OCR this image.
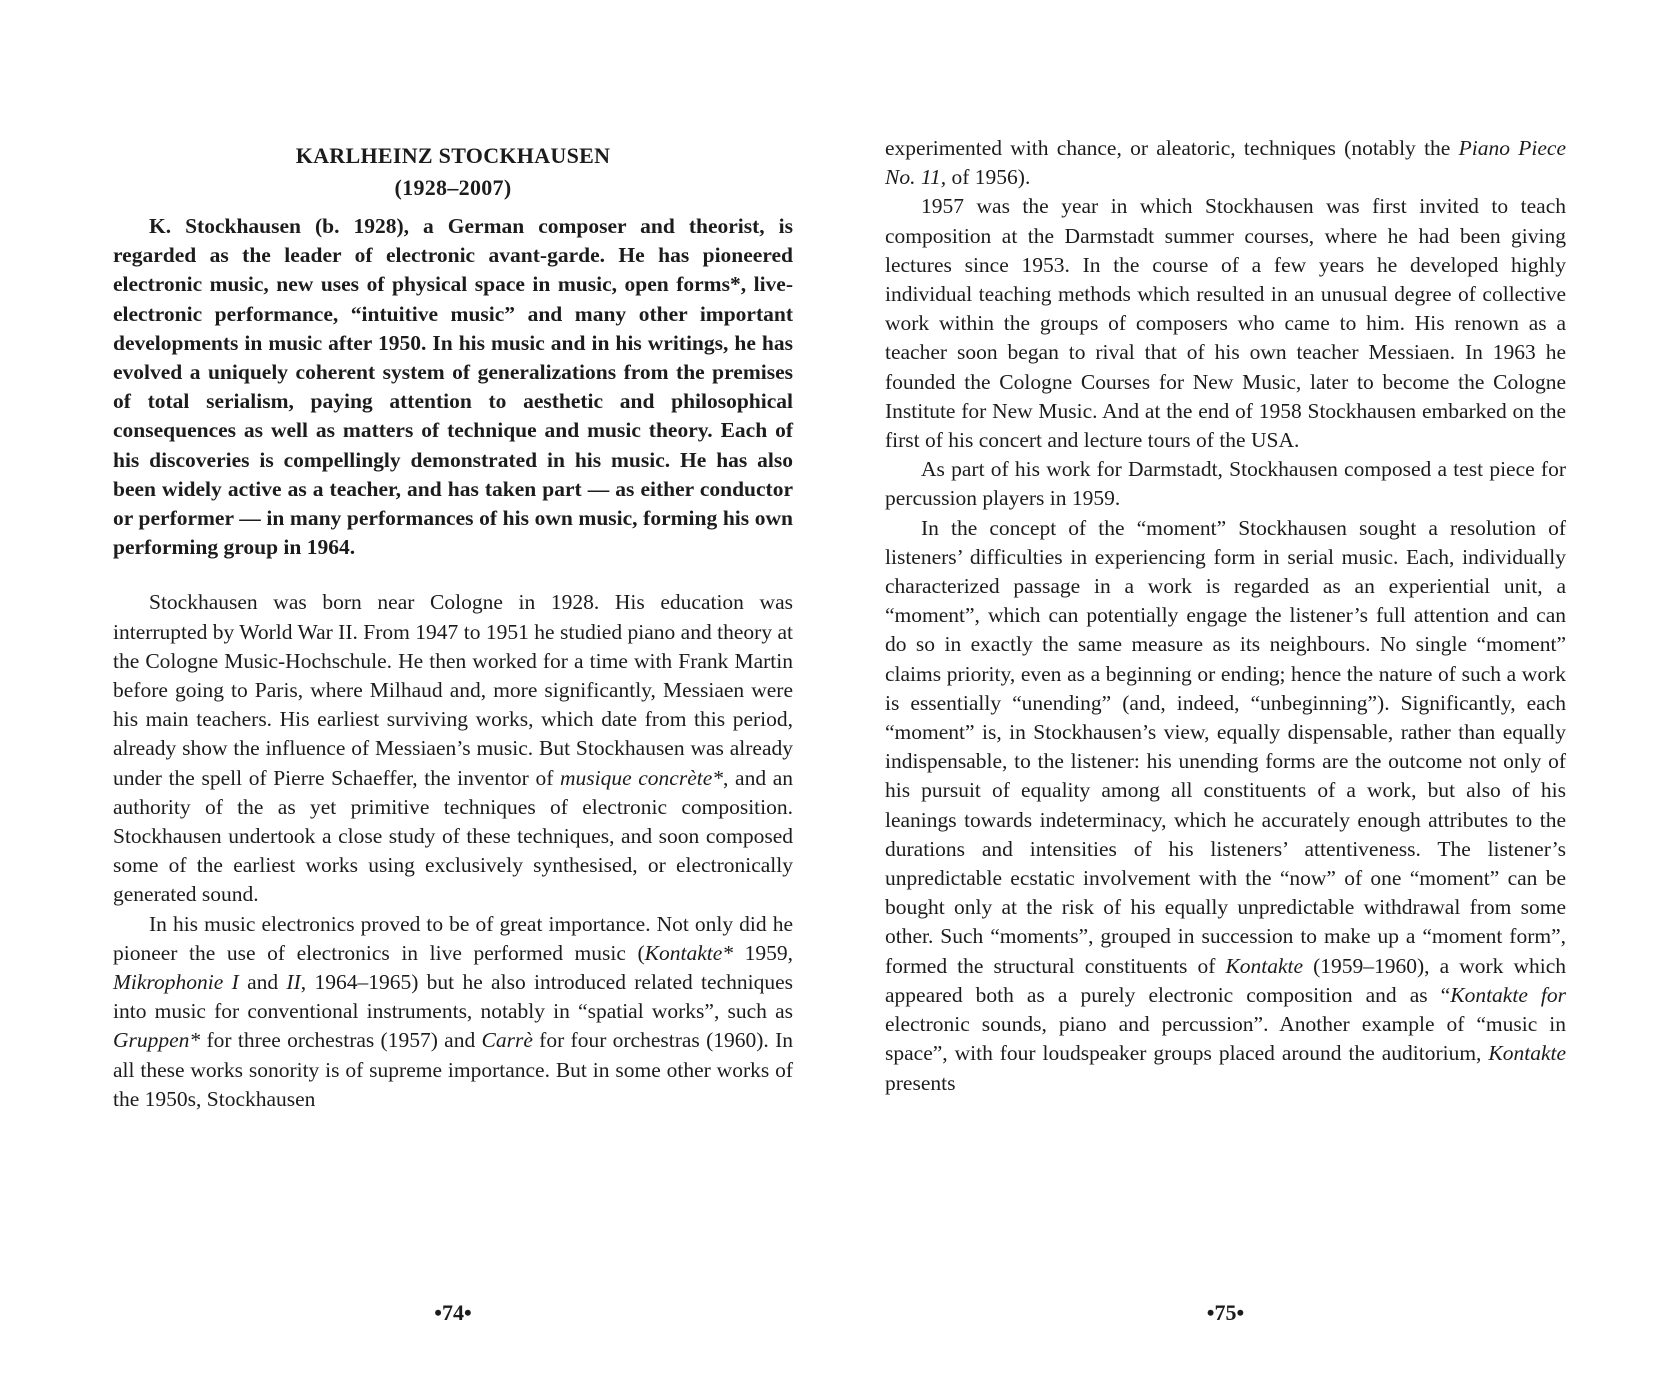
KARLHEINZ STOCKHAUSEN
(1928–2007)

K. Stockhausen (b. 1928), a German composer and theorist, is regarded as the leader of electronic avant-garde. He has pioneered electronic music, new uses of physical space in music, open forms*, live-electronic performance, “intuitive music” and many other important developments in music after 1950. In his music and in his writings, he has evolved a uniquely coherent system of generalizations from the premises of total serialism, paying attention to aesthetic and philosophical consequences as well as matters of technique and music theory. Each of his discoveries is compellingly demonstrated in his music. He has also been widely active as a teacher, and has taken part — as either conductor or performer — in many performances of his own music, forming his own performing group in 1964.

Stockhausen was born near Cologne in 1928. His education was interrupted by World War II. From 1947 to 1951 he studied piano and theory at the Cologne Music-Hochschule. He then worked for a time with Frank Martin before going to Paris, where Milhaud and, more significantly, Messiaen were his main teachers. His earliest surviving works, which date from this period, already show the influence of Messiaen’s music. But Stockhausen was already under the spell of Pierre Schaeffer, the inventor of musique concrète*, and an authority of the as yet primitive techniques of electronic composition. Stockhausen undertook a close study of these techniques, and soon composed some of the earliest works using exclusively synthesised, or electronically generated sound.

In his music electronics proved to be of great importance. Not only did he pioneer the use of electronics in live performed music (Kontakte* 1959, Mikrophonie I and II, 1964–1965) but he also introduced related techniques into music for conventional instruments, notably in “spatial works”, such as Gruppen* for three orchestras (1957) and Carrè for four orchestras (1960). In all these works sonority is of supreme importance. But in some other works of the 1950s, Stockhausen

•74•

experimented with chance, or aleatoric, techniques (notably the Piano Piece No. 11, of 1956).

1957 was the year in which Stockhausen was first invited to teach composition at the Darmstadt summer courses, where he had been giving lectures since 1953. In the course of a few years he developed highly individual teaching methods which resulted in an unusual degree of collective work within the groups of composers who came to him. His renown as a teacher soon began to rival that of his own teacher Messiaen. In 1963 he founded the Cologne Courses for New Music, later to become the Cologne Institute for New Music. And at the end of 1958 Stockhausen embarked on the first of his concert and lecture tours of the USA.

As part of his work for Darmstadt, Stockhausen composed a test piece for percussion players in 1959.

In the concept of the “moment” Stockhausen sought a resolution of listeners’ difficulties in experiencing form in serial music. Each, individually characterized passage in a work is regarded as an experiential unit, a “moment”, which can potentially engage the listener’s full attention and can do so in exactly the same measure as its neighbours. No single “moment” claims priority, even as a beginning or ending; hence the nature of such a work is essentially “unending” (and, indeed, “unbeginning”). Significantly, each “moment” is, in Stockhausen’s view, equally dispensable, rather than equally indispensable, to the listener: his unending forms are the outcome not only of his pursuit of equality among all constituents of a work, but also of his leanings towards indeterminacy, which he accurately enough attributes to the durations and intensities of his listeners’ attentiveness. The listener’s unpredictable ecstatic involvement with the “now” of one “moment” can be bought only at the risk of his equally unpredictable withdrawal from some other. Such “moments”, grouped in succession to make up a “moment form”, formed the structural constituents of Kontakte (1959–1960), a work which appeared both as a purely electronic composition and as “Kontakte for electronic sounds, piano and percussion”. Another example of “music in space”, with four loudspeaker groups placed around the auditorium, Kontakte presents

•75•
